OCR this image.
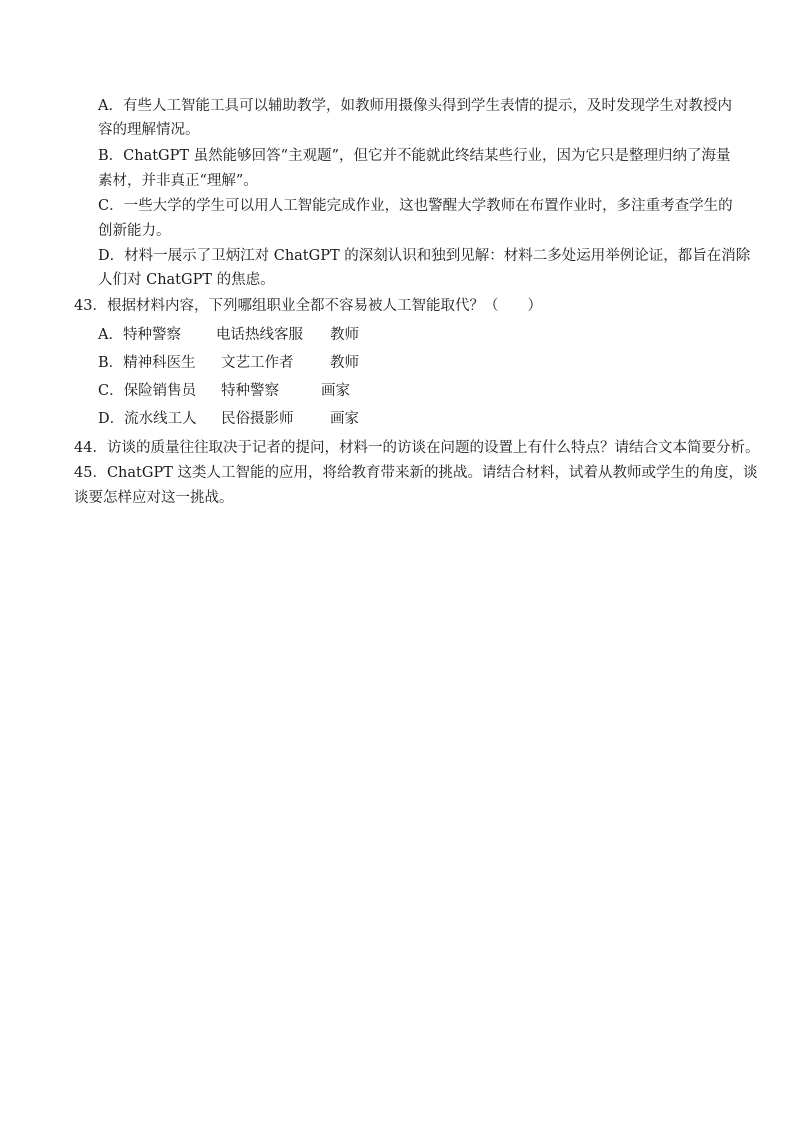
A．有些人工智能工具可以辅助教学，如教师用摄像头得到学生表情的提示，及时发现学生对教授内
容的理解情况。
B．ChatGPT 虽然能够回答“主观题”，但它并不能就此终结某些行业，因为它只是整理归纳了海量
素材，并非真正“理解”。
C．一些大学的学生可以用人工智能完成作业，这也警醒大学教师在布置作业时，多注重考查学生的
创新能力。
D．材料一展示了卫炳江对 ChatGPT 的深刻认识和独到见解：材料二多处运用举例论证，都旨在消除
人们对 ChatGPT 的焦虑。
43．根据材料内容，下列哪组职业全都不容易被人工智能取代？（　　）
A．特种警察 电话热线客服 教师
B．精神科医生 文艺工作者	教师
C．保险销售员 特种警察	画家
D．流水线工人 民俗摄影师	画家
44．访谈的质量往往取决于记者的提问，材料一的访谈在问题的设置上有什么特点？请结合文本简要分析。
45．ChatGPT 这类人工智能的应用，将给教育带来新的挑战。请结合材料，试着从教师或学生的角度，谈
谈要怎样应对这一挑战。
